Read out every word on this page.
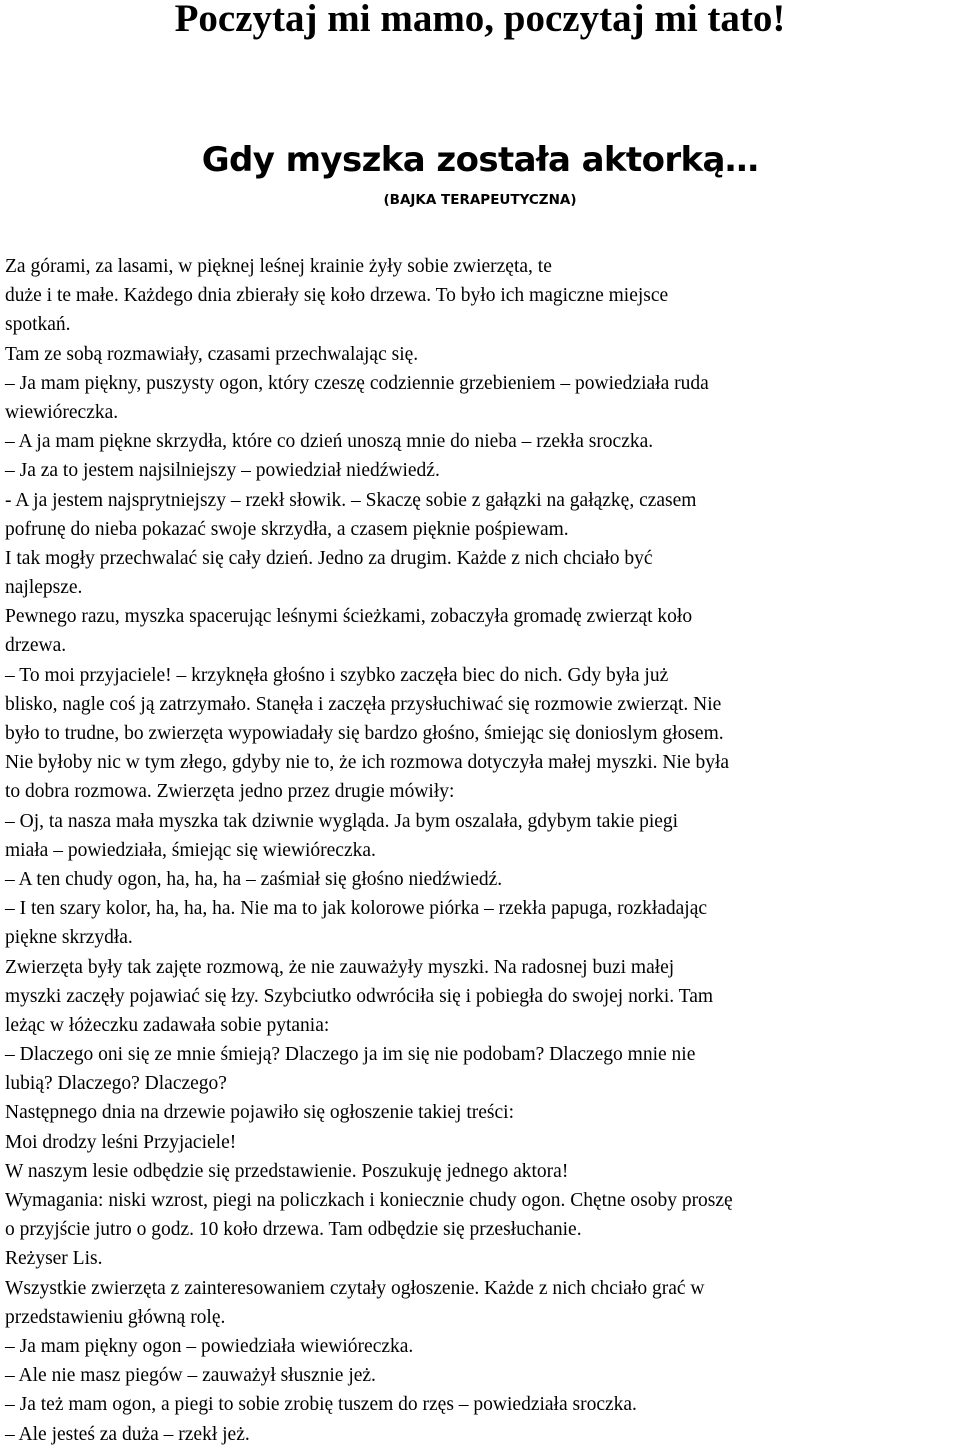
Poczytaj mi mamo, poczytaj mi tato!
Gdy myszka została aktorką…
(BAJKA TERAPEUTYCZNA)
Za górami, za lasami, w pięknej leśnej krainie żyły sobie zwierzęta, te
duże i te małe. Każdego dnia zbierały się koło drzewa. To było ich magiczne miejsce
spotkań.
Tam ze sobą rozmawiały, czasami przechwalając się.
– Ja mam piękny, puszysty ogon, który czeszę codziennie grzebieniem – powiedziała ruda
wiewióreczka.
– A ja mam piękne skrzydła, które co dzień unoszą mnie do nieba – rzekła sroczka.
– Ja za to jestem najsilniejszy – powiedział niedźwiedź.
- A ja jestem najsprytniejszy – rzekł słowik. – Skaczę sobie z gałązki na gałązkę, czasem
pofrunę do nieba pokazać swoje skrzydła, a czasem pięknie pośpiewam.
I tak mogły przechwalać się cały dzień. Jedno za drugim. Każde z nich chciało być
najlepsze.
Pewnego razu, myszka spacerując leśnymi ścieżkami, zobaczyła gromadę zwierząt koło
drzewa.
– To moi przyjaciele! – krzyknęła głośno i szybko zaczęła biec do nich. Gdy była już
blisko, nagle coś ją zatrzymało. Stanęła i zaczęła przysłuchiwać się rozmowie zwierząt. Nie
było to trudne, bo zwierzęta wypowiadały się bardzo głośno, śmiejąc się donioslym głosem.
Nie byłoby nic w tym złego, gdyby nie to, że ich rozmowa dotyczyła małej myszki. Nie była
to dobra rozmowa. Zwierzęta jedno przez drugie mówiły:
– Oj, ta nasza mała myszka tak dziwnie wygląda. Ja bym oszalała, gdybym takie piegi
miała – powiedziała, śmiejąc się wiewióreczka.
– A ten chudy ogon, ha, ha, ha – zaśmiał się głośno niedźwiedź.
– I ten szary kolor, ha, ha, ha. Nie ma to jak kolorowe piórka – rzekła papuga, rozkładając
piękne skrzydła.
Zwierzęta były tak zajęte rozmową, że nie zauważyły myszki. Na radosnej buzi małej
myszki zaczęły pojawiać się łzy. Szybciutko odwróciła się i pobiegła do swojej norki. Tam
leżąc w łóżeczku zadawała sobie pytania:
– Dlaczego oni się ze mnie śmieją? Dlaczego ja im się nie podobam? Dlaczego mnie nie
lubią? Dlaczego? Dlaczego?
Następnego dnia na drzewie pojawiło się ogłoszenie takiej treści:
Moi drodzy leśni Przyjaciele!
W naszym lesie odbędzie się przedstawienie. Poszukuję jednego aktora!
Wymagania: niski wzrost, piegi na policzkach i koniecznie chudy ogon. Chętne osoby proszę
o przyjście jutro o godz. 10 koło drzewa. Tam odbędzie się przesłuchanie.
Reżyser Lis.
Wszystkie zwierzęta z zainteresowaniem czytały ogłoszenie. Każde z nich chciało grać w
przedstawieniu główną rolę.
– Ja mam piękny ogon – powiedziała wiewióreczka.
– Ale nie masz piegów – zauważył słusznie jeż.
– Ja też mam ogon, a piegi to sobie zrobię tuszem do rzęs – powiedziała sroczka.
– Ale jesteś za duża – rzekł jeż.
